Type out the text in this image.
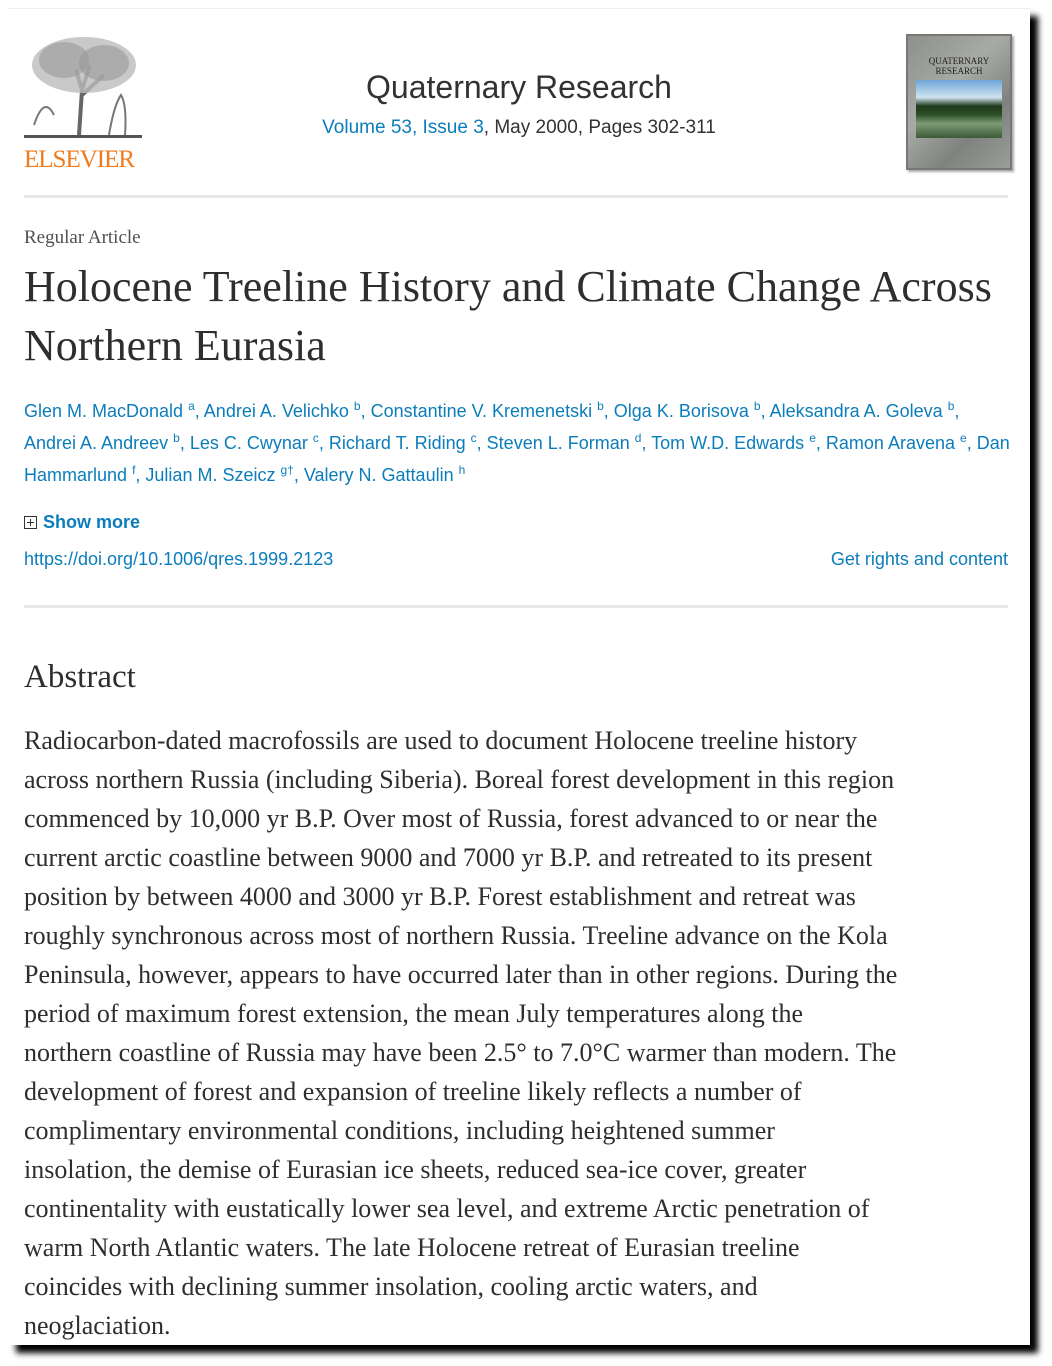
ELSEVIER
Quaternary Research
Volume 53, Issue 3, May 2000, Pages 302-311
QUATERNARY RESEARCH
Regular Article
Holocene Treeline History and Climate Change Across Northern Eurasia
Glen M. MacDonald $^a$, Andrei A. Velichko $^b$, Constantine V. Kremenetski $^b$, Olga K. Borisova $^b$, Aleksandra A. Goleva $^b$, Andrei A. Andreev $^b$, Les C. Cwynar $^c$, Richard T. Riding $^c$, Steven L. Forman $^d$, Tom W.D. Edwards $^e$, Ramon Aravena $^e$, Dan Hammarlund $^f$, Julian M. Szeicz $^{g\dagger}$, Valery N. Gattaulin $^h$
Show more
https://doi.org/10.1006/qres.1999.2123	Get rights and content
Abstract
Radiocarbon-dated macrofossils are used to document Holocene treeline history
across northern Russia (including Siberia). Boreal forest development in this region
commenced by 10,000 yr B.P. Over most of Russia, forest advanced to or near the
current arctic coastline between 9000 and 7000 yr B.P. and retreated to its present
position by between 4000 and 3000 yr B.P. Forest establishment and retreat was
roughly synchronous across most of northern Russia. Treeline advance on the Kola
Peninsula, however, appears to have occurred later than in other regions. During the
period of maximum forest extension, the mean July temperatures along the
northern coastline of Russia may have been 2.5° to 7.0°C warmer than modern. The
development of forest and expansion of treeline likely reflects a number of
complimentary environmental conditions, including heightened summer
insolation, the demise of Eurasian ice sheets, reduced sea-ice cover, greater
continentality with eustatically lower sea level, and extreme Arctic penetration of
warm North Atlantic waters. The late Holocene retreat of Eurasian treeline
coincides with declining summer insolation, cooling arctic waters, and
neoglaciation.
